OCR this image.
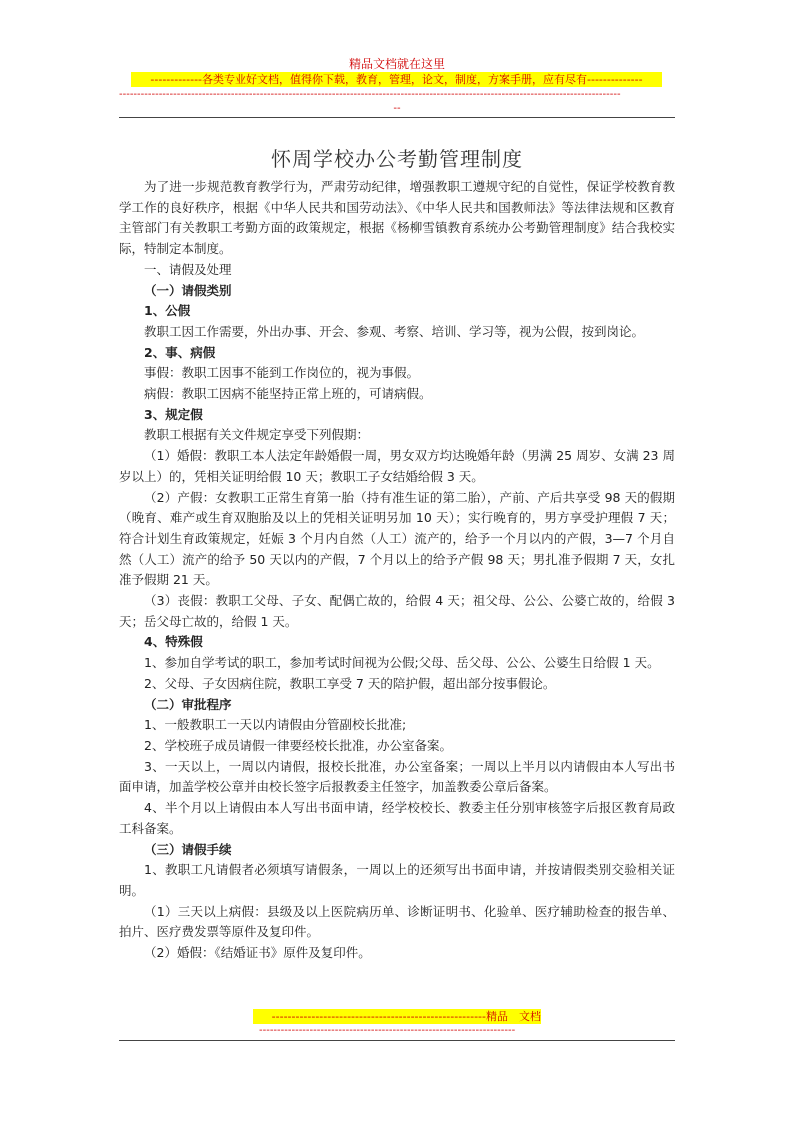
精品文档就在这里
-------------各类专业好文档，值得你下载，教育，管理，论文，制度，方案手册，应有尽有--------------
-------------------------------------------------------------------------------------------------------------------------------------------
--
怀周学校办公考勤管理制度

为了进一步规范教育教学行为，严肃劳动纪律，增强教职工遵规守纪的自觉性，保证学校教育教学工作的良好秩序，根据《中华人民共和国劳动法》、《中华人民共和国教师法》等法律法规和区教育主管部门有关教职工考勤方面的政策规定，根据《杨柳雪镇教育系统办公考勤管理制度》结合我校实际，特制定本制度。

一、请假及处理

（一）请假类别

1、公假

教职工因工作需要，外出办事、开会、参观、考察、培训、学习等，视为公假，按到岗论。

2、事、病假

事假：教职工因事不能到工作岗位的，视为事假。

病假：教职工因病不能坚持正常上班的，可请病假。

3、规定假

教职工根据有关文件规定享受下列假期：

（1）婚假：教职工本人法定年龄婚假一周，男女双方均达晚婚年龄（男满 25 周岁、女满 23 周岁以上）的，凭相关证明给假 10 天；教职工子女结婚给假 3 天。

（2）产假：女教职工正常生育第一胎（持有准生证的第二胎），产前、产后共享受 98 天的假期（晚育、难产或生育双胞胎及以上的凭相关证明另加 10 天）；实行晚育的，男方享受护理假 7 天；符合计划生育政策规定，妊娠 3 个月内自然（人工）流产的，给予一个月以内的产假，3—7 个月自然（人工）流产的给予 50 天以内的产假，7 个月以上的给予产假 98 天；男扎准予假期 7 天，女扎准予假期 21 天。

（3）丧假：教职工父母、子女、配偶亡故的，给假 4 天；祖父母、公公、公婆亡故的，给假 3 天；岳父母亡故的，给假 1 天。

4、特殊假

1、参加自学考试的职工，参加考试时间视为公假;父母、岳父母、公公、公婆生日给假 1 天。

2、父母、子女因病住院，教职工享受 7 天的陪护假，超出部分按事假论。

（二）审批程序

1、一般教职工一天以内请假由分管副校长批准;

2、学校班子成员请假一律要经校长批准，办公室备案。

3、一天以上，一周以内请假，报校长批准，办公室备案；一周以上半月以内请假由本人写出书面申请，加盖学校公章并由校长签字后报教委主任签字，加盖教委公章后备案。

4、半个月以上请假由本人写出书面申请，经学校校长、教委主任分别审核签字后报区教育局政工科备案。

（三）请假手续

1、教职工凡请假者必须填写请假条，一周以上的还须写出书面申请，并按请假类别交验相关证明。

（1）三天以上病假：县级及以上医院病历单、诊断证明书、化验单、医疗辅助检查的报告单、拍片、医疗费发票等原件及复印件。

（2）婚假：《结婚证书》原件及复印件。

------------------------------------------------------精品　文档
-----------------------------------------------------------------------
